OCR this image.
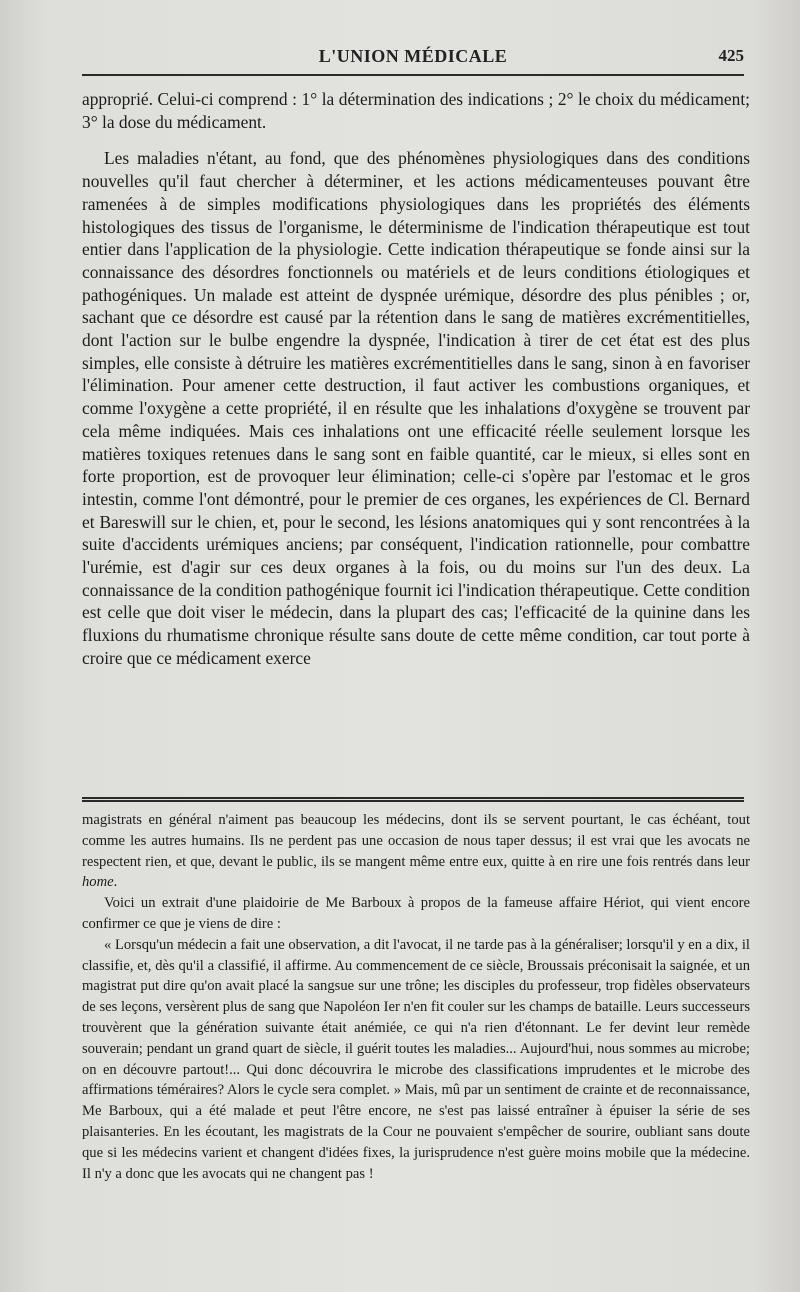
L'UNION MÉDICALE	425

approprié. Celui-ci comprend : 1° la détermination des indications ; 2° le choix du médicament; 3° la dose du médicament.

Les maladies n'étant, au fond, que des phénomènes physiologiques dans des conditions nouvelles qu'il faut chercher à déterminer, et les actions médicamenteuses pouvant être ramenées à de simples modifications physiologiques dans les propriétés des éléments histologiques des tissus de l'organisme, le déterminisme de l'indication thérapeutique est tout entier dans l'application de la physiologie. Cette indication thérapeutique se fonde ainsi sur la connaissance des désordres fonctionnels ou matériels et de leurs conditions étiologiques et pathogéniques. Un malade est atteint de dyspnée urémique, désordre des plus pénibles ; or, sachant que ce désordre est causé par la rétention dans le sang de matières excrémentitielles, dont l'action sur le bulbe engendre la dyspnée, l'indication à tirer de cet état est des plus simples, elle consiste à détruire les matières excrémentitielles dans le sang, sinon à en favoriser l'élimination. Pour amener cette destruction, il faut activer les combustions organiques, et comme l'oxygène a cette propriété, il en résulte que les inhalations d'oxygène se trouvent par cela même indiquées. Mais ces inhalations ont une efficacité réelle seulement lorsque les matières toxiques retenues dans le sang sont en faible quantité, car le mieux, si elles sont en forte proportion, est de provoquer leur élimination; celle-ci s'opère par l'estomac et le gros intestin, comme l'ont démontré, pour le premier de ces organes, les expériences de Cl. Bernard et Bareswill sur le chien, et, pour le second, les lésions anatomiques qui y sont rencontrées à la suite d'accidents urémiques anciens; par conséquent, l'indication rationnelle, pour combattre l'urémie, est d'agir sur ces deux organes à la fois, ou du moins sur l'un des deux. La connaissance de la condition pathogénique fournit ici l'indication thérapeutique. Cette condition est celle que doit viser le médecin, dans la plupart des cas; l'efficacité de la quinine dans les fluxions du rhumatisme chronique résulte sans doute de cette même condition, car tout porte à croire que ce médicament exerce

magistrats en général n'aiment pas beaucoup les médecins, dont ils se servent pourtant, le cas échéant, tout comme les autres humains. Ils ne perdent pas une occasion de nous taper dessus; il est vrai que les avocats ne respectent rien, et que, devant le public, ils se mangent même entre eux, quitte à en rire une fois rentrés dans leur home.

Voici un extrait d'une plaidoirie de Me Barboux à propos de la fameuse affaire Hériot, qui vient encore confirmer ce que je viens de dire :

« Lorsqu'un médecin a fait une observation, a dit l'avocat, il ne tarde pas à la généraliser; lorsqu'il y en a dix, il classifie, et, dès qu'il a classifié, il affirme. Au commencement de ce siècle, Broussais préconisait la saignée, et un magistrat put dire qu'on avait placé la sangsue sur une trône; les disciples du professeur, trop fidèles observateurs de ses leçons, versèrent plus de sang que Napoléon Ier n'en fit couler sur les champs de bataille. Leurs successeurs trouvèrent que la génération suivante était anémiée, ce qui n'a rien d'étonnant. Le fer devint leur remède souverain; pendant un grand quart de siècle, il guérit toutes les maladies... Aujourd'hui, nous sommes au microbe; on en découvre partout!... Qui donc découvrira le microbe des classifications imprudentes et le microbe des affirmations téméraires? Alors le cycle sera complet. » Mais, mû par un sentiment de crainte et de reconnaissance, Me Barboux, qui a été malade et peut l'être encore, ne s'est pas laissé entraîner à épuiser la série de ses plaisanteries. En les écoutant, les magistrats de la Cour ne pouvaient s'empêcher de sourire, oubliant sans doute que si les médecins varient et changent d'idées fixes, la jurisprudence n'est guère moins mobile que la médecine. Il n'y a donc que les avocats qui ne changent pas !
